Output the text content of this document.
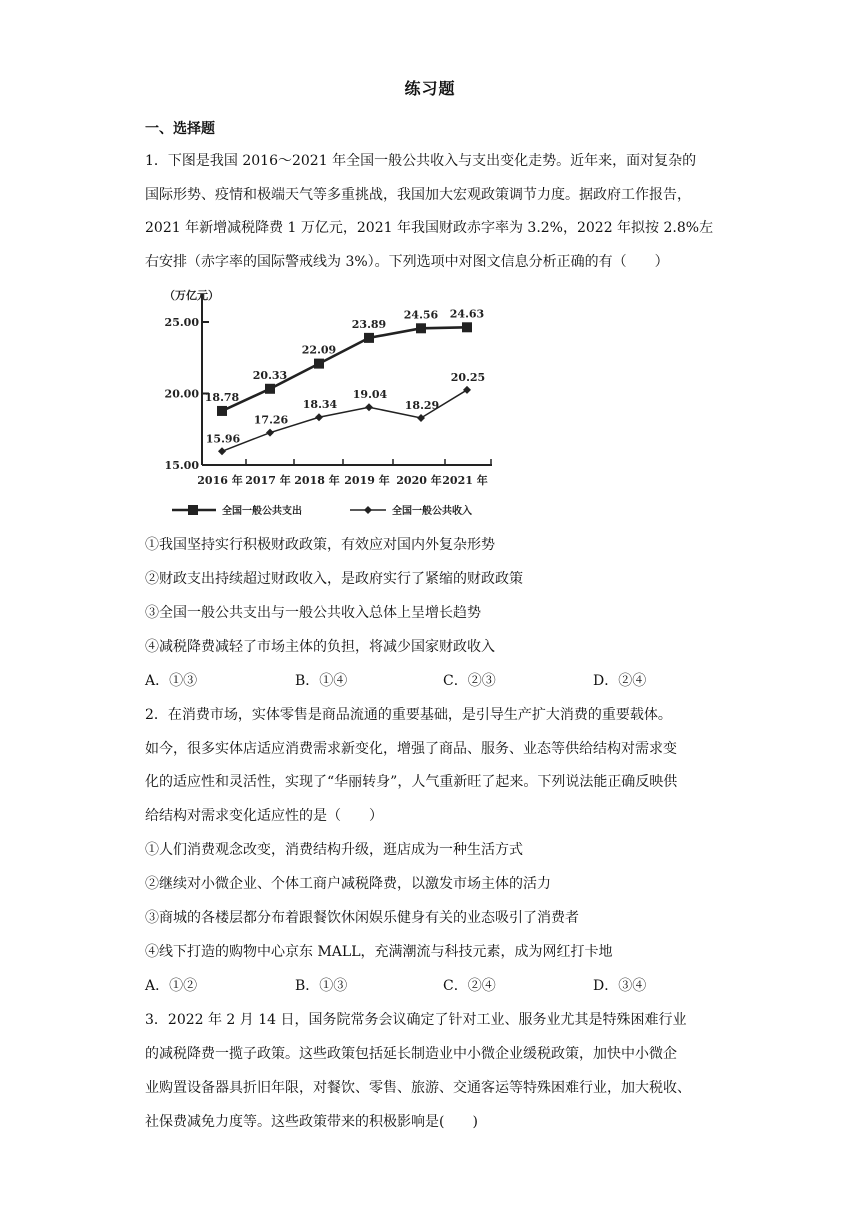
练习题
一、选择题
1．下图是我国 2016～2021 年全国一般公共收入与支出变化走势。近年来，面对复杂的
国际形势、疫情和极端天气等多重挑战，我国加大宏观政策调节力度。据政府工作报告，
2021 年新增减税降费 1 万亿元，2021 年我国财政赤字率为 3.2%，2022 年拟按 2.8%左
右安排（赤字率的国际警戒线为 3%）。下列选项中对图文信息分析正确的有（　　）
（万亿元）
25.00
20.00
15.00
2016 年 2017 年 2018 年 2019 年 2020 年 2021 年
18.78
20.33
22.09
23.89
24.56 24.63
15.96
17.26
18.34
19.04
18.29
20.25
全国一般公共支出	全国一般公共收入
①我国坚持实行积极财政政策，有效应对国内外复杂形势
②财政支出持续超过财政收入，是政府实行了紧缩的财政政策
③全国一般公共支出与一般公共收入总体上呈增长趋势
④减税降费减轻了市场主体的负担，将减少国家财政收入
A．①③	B．①④	C．②③	D．②④
2．在消费市场，实体零售是商品流通的重要基础，是引导生产扩大消费的重要载体。
如今，很多实体店适应消费需求新变化，增强了商品、服务、业态等供给结构对需求变
化的适应性和灵活性，实现了“华丽转身”，人气重新旺了起来。下列说法能正确反映供
给结构对需求变化适应性的是（　　）
①人们消费观念改变，消费结构升级，逛店成为一种生活方式
②继续对小微企业、个体工商户减税降费，以激发市场主体的活力
③商城的各楼层都分布着跟餐饮休闲娱乐健身有关的业态吸引了消费者
④线下打造的购物中心京东 MALL，充满潮流与科技元素，成为网红打卡地
A．①②	B．①③	C．②④	D．③④
3．2022 年 2 月 14 日，国务院常务会议确定了针对工业、服务业尤其是特殊困难行业
的减税降费一揽子政策。这些政策包括延长制造业中小微企业缓税政策，加快中小微企
业购置设备器具折旧年限，对餐饮、零售、旅游、交通客运等特殊困难行业，加大税收、
社保费减免力度等。这些政策带来的积极影响是(　　)
